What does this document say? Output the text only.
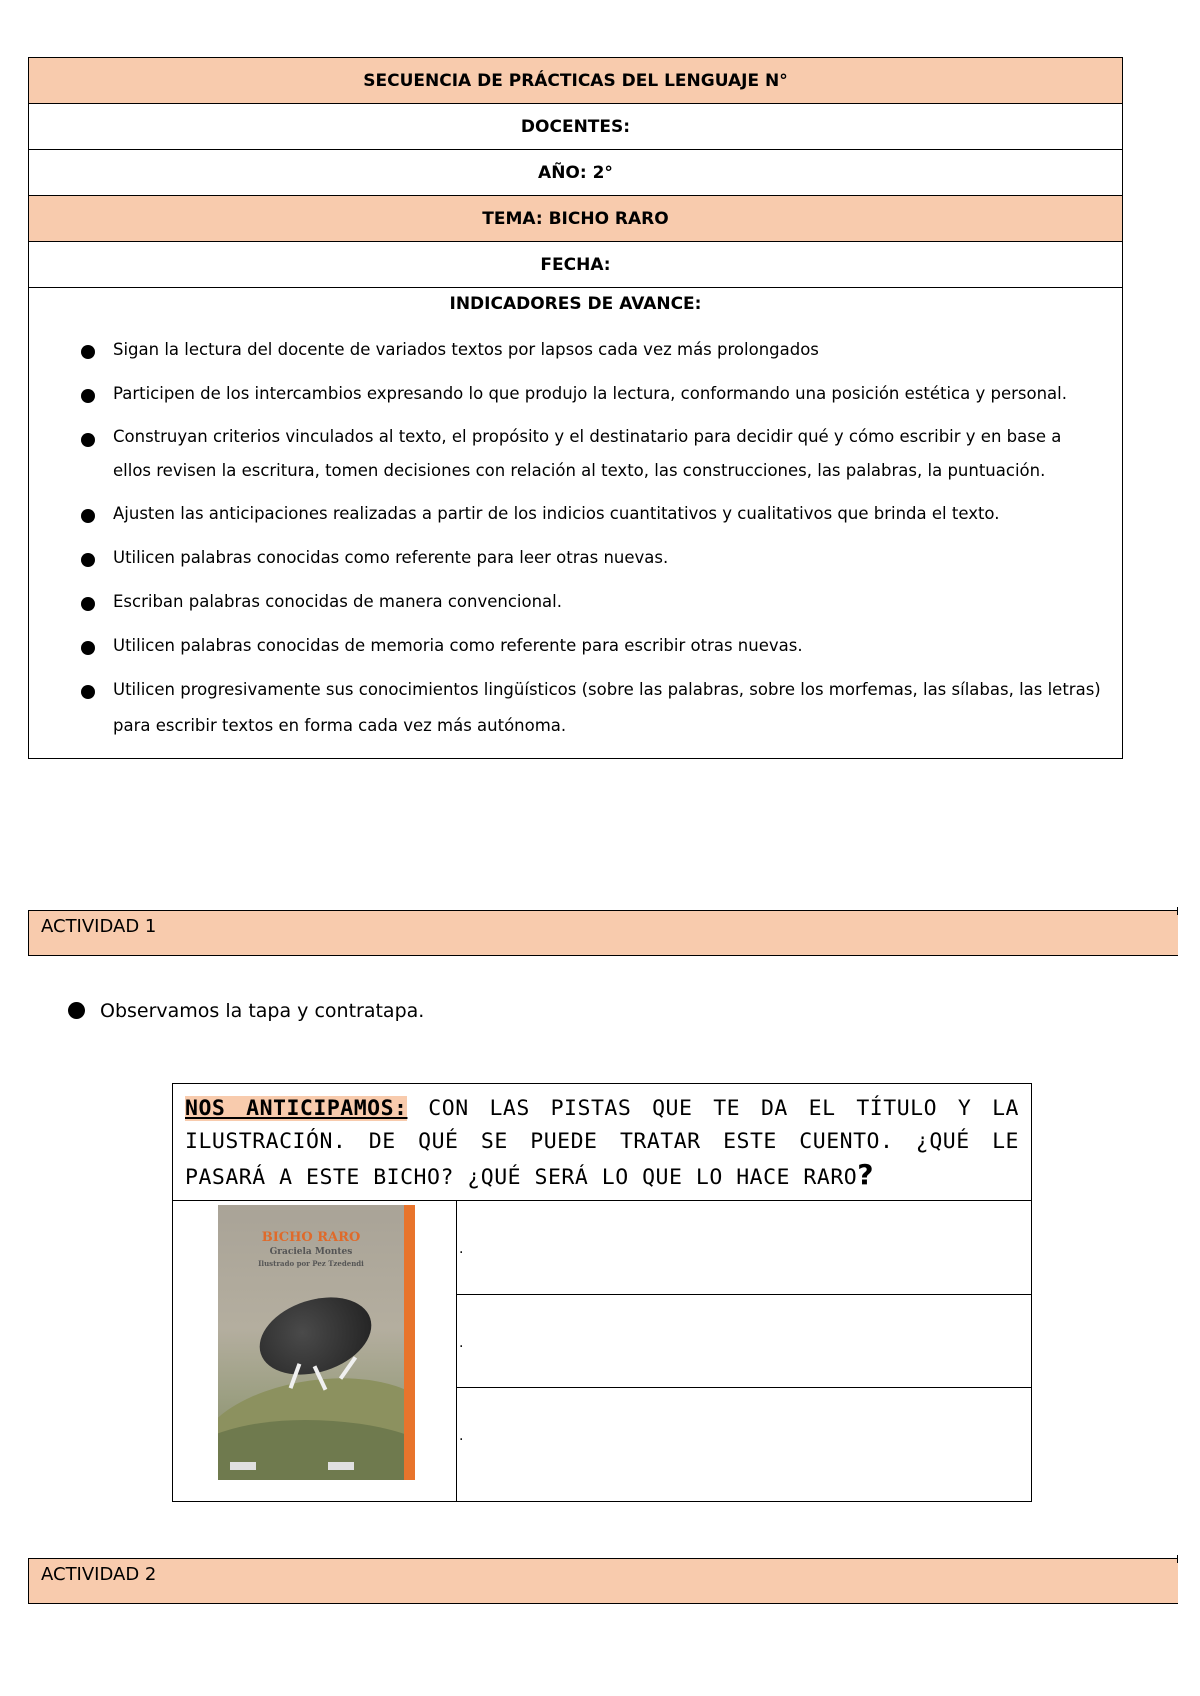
SECUENCIA DE PRÁCTICAS DEL LENGUAJE N°
DOCENTES:
AÑO: 2°
TEMA: BICHO RARO
FECHA:

INDICADORES DE AVANCE:
Sigan la lectura del docente de variados textos por lapsos cada vez más prolongados
Participen de los intercambios expresando lo que produjo la lectura, conformando una posición estética y personal.
Construyan criterios vinculados al texto, el propósito y el destinatario para decidir qué y cómo escribir y en base a ellos revisen la escritura, tomen decisiones con relación al texto, las construcciones, las palabras, la puntuación.
Ajusten las anticipaciones realizadas a partir de los indicios cuantitativos y cualitativos que brinda el texto.
Utilicen palabras conocidas como referente para leer otras nuevas.
Escriban palabras conocidas de manera convencional.
Utilicen palabras conocidas de memoria como referente para escribir otras nuevas.
Utilicen progresivamente sus conocimientos lingüísticos (sobre las palabras, sobre los morfemas, las sílabas, las letras) para escribir textos en forma cada vez más autónoma.
ACTIVIDAD 1
Observamos la tapa y contratapa.
NOS ANTICIPAMOS: CON LAS PISTAS QUE TE DA EL TÍTULO Y LA ILUSTRACIÓN. DE QUÉ SE PUEDE TRATAR ESTE CUENTO. ¿QUÉ LE PASARÁ A ESTE BICHO? ¿QUÉ SERÁ LO QUE LO HACE RARO?

BICHO RARO
Graciela Montes
Ilustrado por Pez Tzedendi

.

.

.
ACTIVIDAD 2
